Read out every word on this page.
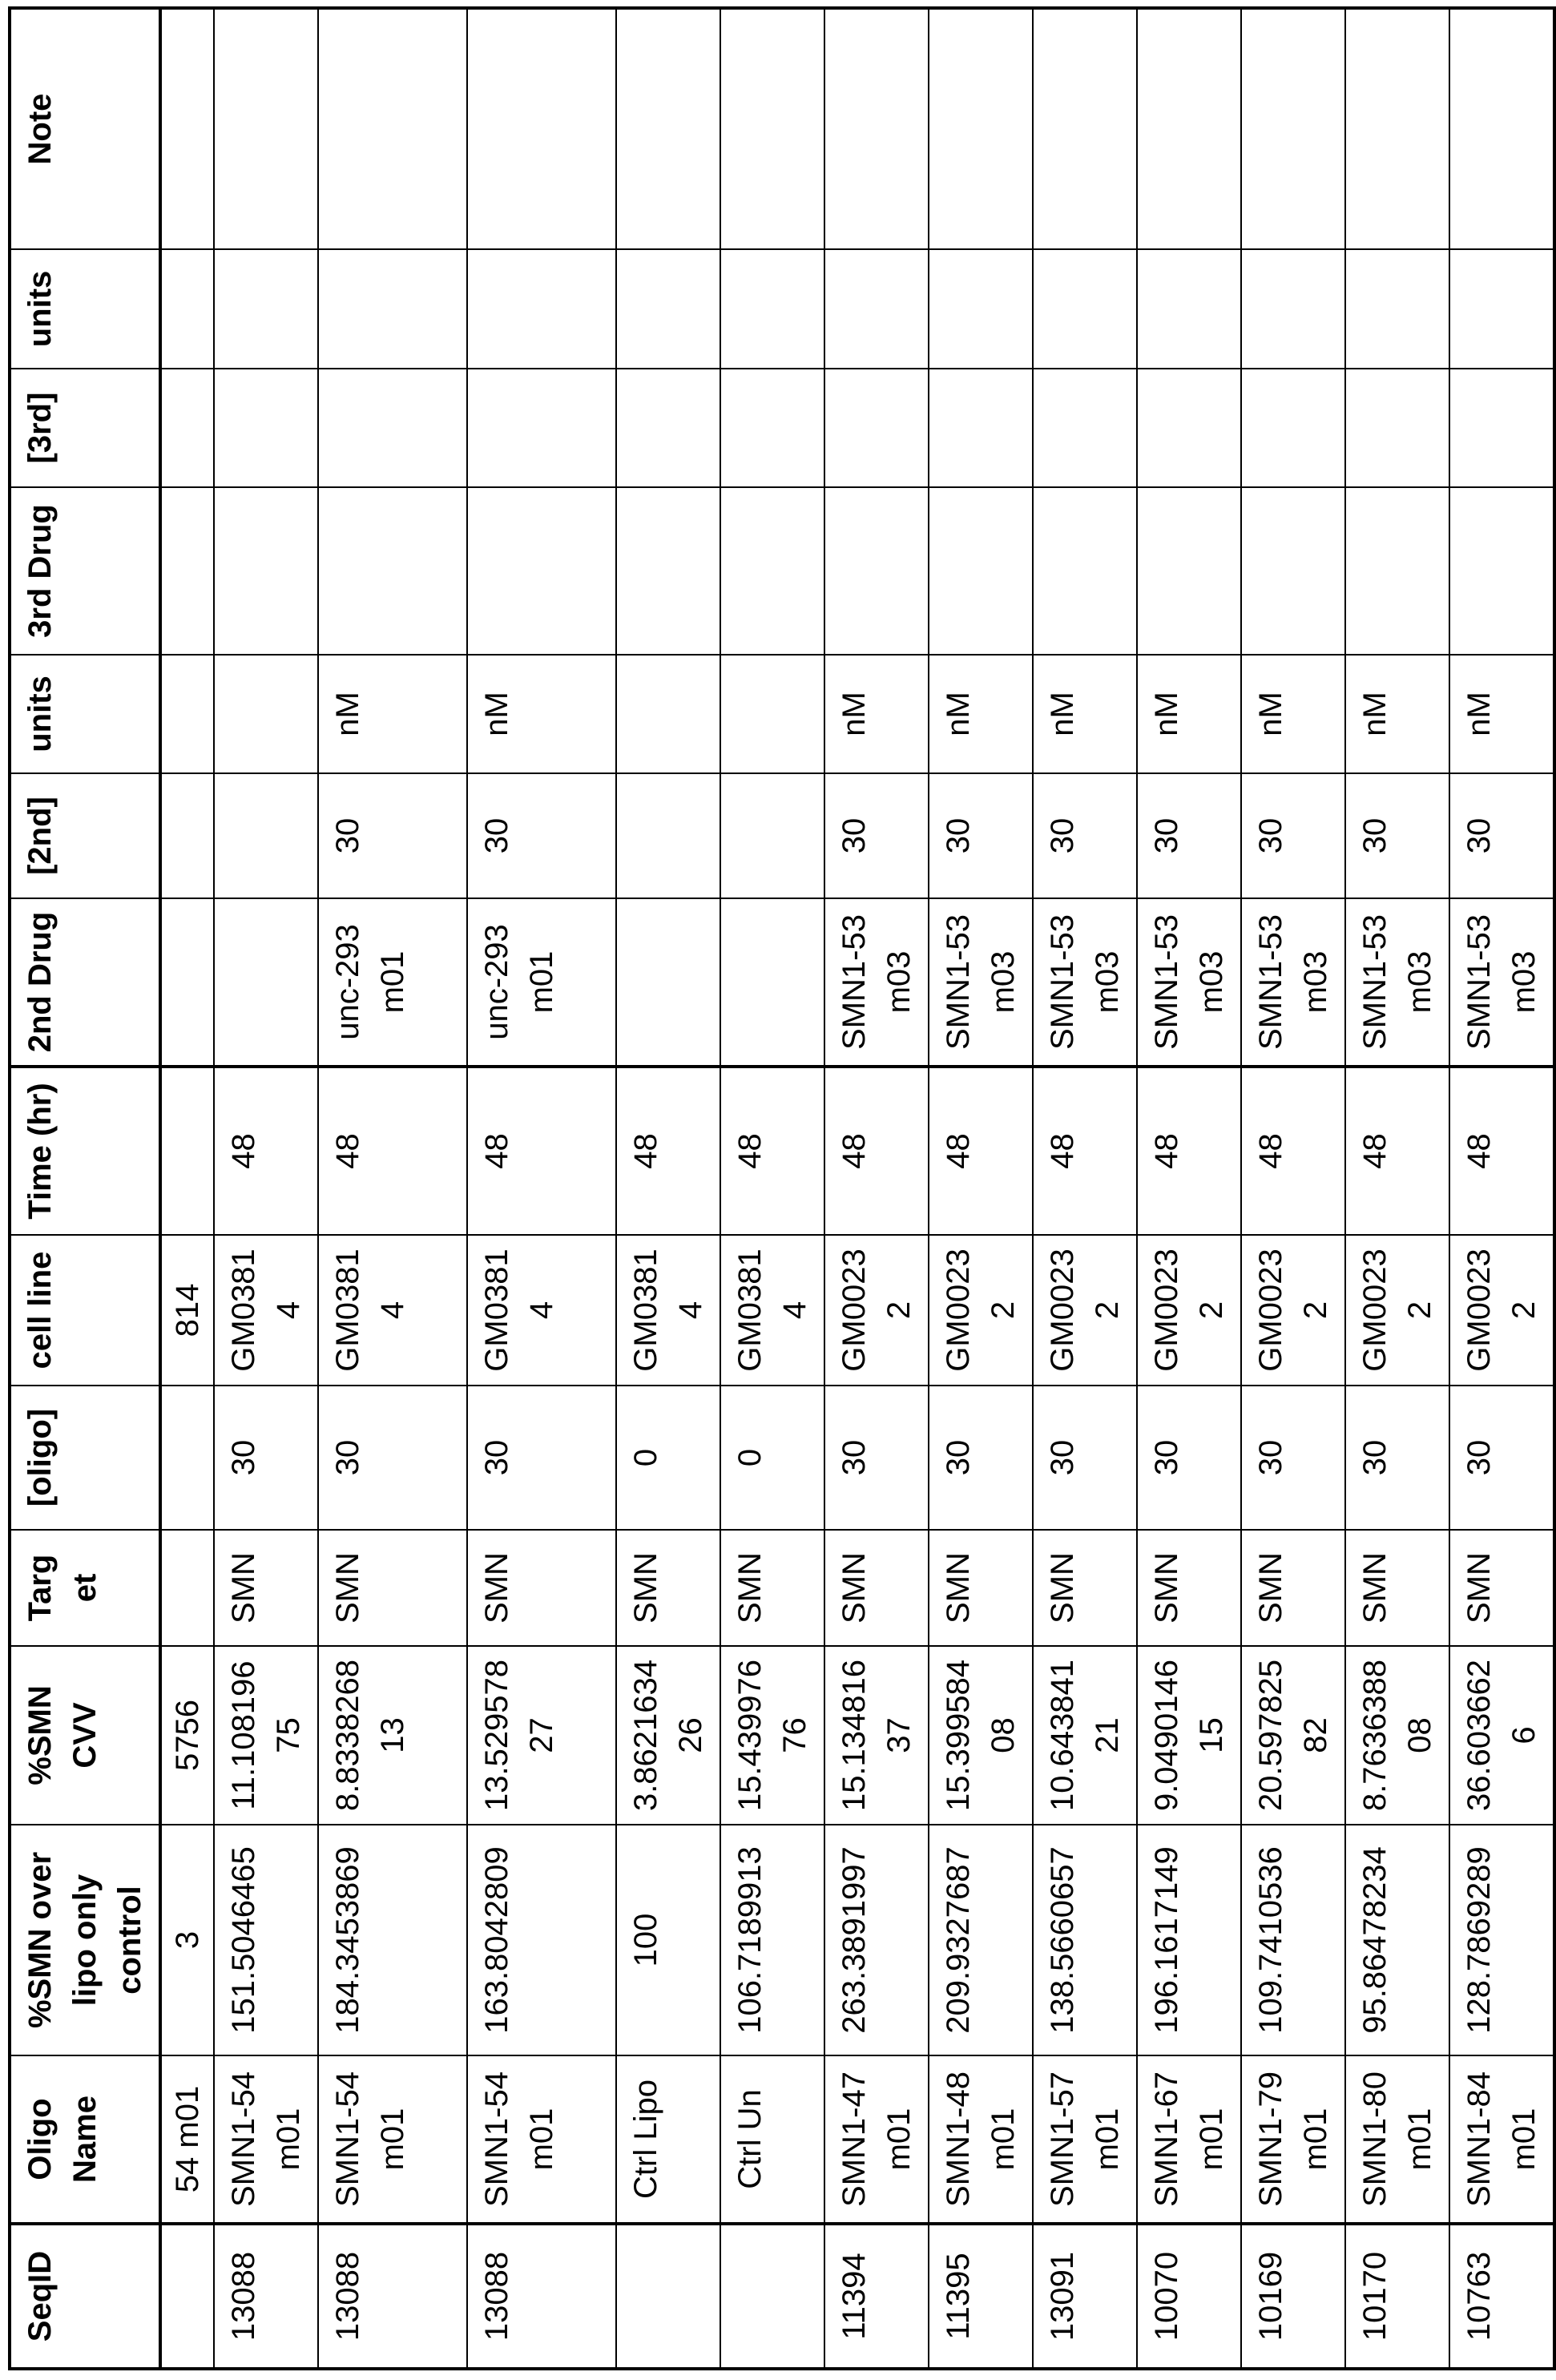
SeqID	Oligo Name	%SMN over lipo only control	%SMN CVV	Targ et	[oligo]	cell line	Time (hr)	2nd Drug	[2nd]	units	3rd Drug	[3rd]	units	Note
	54 m01	3	5756			814								
13088	SMN1-54 m01	151.5046465	11.10819675	SMN	30	GM03814	48							
13088	SMN1-54 m01	184.3453869	8.833826813	SMN	30	GM03814	48	unc-293 m01	30	nM				
13088	SMN1-54 m01	163.8042809	13.52957827	SMN	30	GM03814	48	unc-293 m01	30	nM				
	Ctrl Lipo	100	3.862163426	SMN	0	GM03814	48							
	Ctrl Un	106.7189913	15.43997676	SMN	0	GM03814	48							
11394	SMN1-47 m01	263.3891997	15.13481637	SMN	30	GM00232	48	SMN1-53 m03	30	nM				
11395	SMN1-48 m01	209.9327687	15.39958408	SMN	30	GM00232	48	SMN1-53 m03	30	nM				
13091	SMN1-57 m01	138.5660657	10.64384121	SMN	30	GM00232	48	SMN1-53 m03	30	nM				
10070	SMN1-67 m01	196.1617149	9.049014615	SMN	30	GM00232	48	SMN1-53 m03	30	nM				
10169	SMN1-79 m01	109.7410536	20.59782582	SMN	30	GM00232	48	SMN1-53 m03	30	nM				
10170	SMN1-80 m01	95.86478234	8.763638808	SMN	30	GM00232	48	SMN1-53 m03	30	nM				
10763	SMN1-84 m01	128.7869289	36.6036626	SMN	30	GM00232	48	SMN1-53 m03	30	nM				
